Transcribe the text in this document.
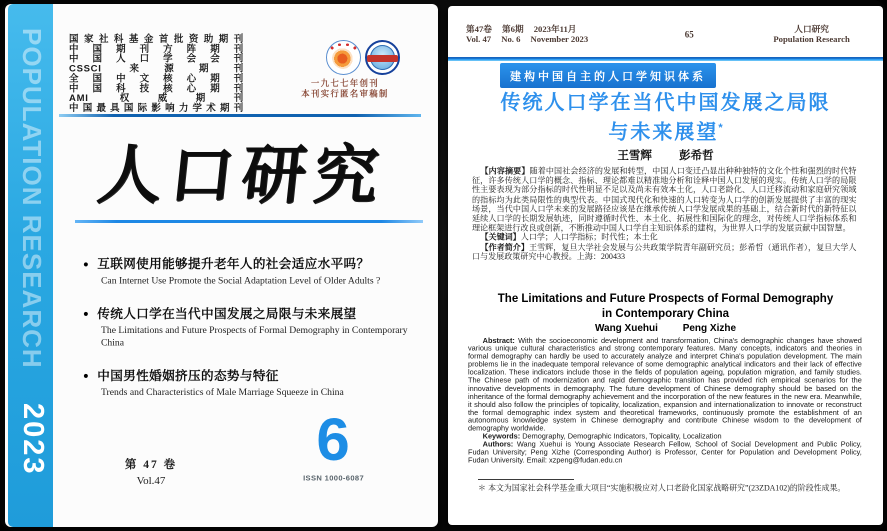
POPULATION RESEARCH
2023
国家社科基金首批资助期刊
中国期刊方阵期刊
中国人口学会会刊
CSSCI 来源期刊
全国中文核心期刊
中国科技核心期刊
AMI 权威期刊
中国最具国际影响力学术期刊
一九七七年创刊
本刊实行匿名审稿制
人口研究
● 互联网使用能够提升老年人的社会适应水平吗？
Can Internet Use Promote the Social Adaptation Level of Older Adults ?
● 传统人口学在当代中国发展之局限与未来展望
The Limitations and Future Prospects of Formal Demography in Contemporary China
● 中国男性婚姻挤压的态势与特征
Trends and Characteristics of Male Marriage Squeeze in China
第 47 卷
Vol.47
6
ISSN 1000-6087
第47卷 第6期 2023年11月
Vol. 47 No. 6 November 2023	65
人口研究
Population Research
建构中国自主的人口学知识体系
传统人口学在当代中国发展之局限
与未来展望*
王雪辉 彭希哲

【内容摘要】随着中国社会经济的发展和转型，中国人口变迁凸显出种种独特的文化个性和强烈的时代特征，许多传统人口学的概念、指标、理论都难以精准地分析和诠释中国人口发展的现实。传统人口学的局限性主要表现为部分指标的时代性明显不足以及尚未有效本土化，人口老龄化、人口迁移流动和家庭研究领域的指标均为此类局限性的典型代表。中国式现代化和快速的人口转变为人口学的创新发展提供了丰富的现实场景，当代中国人口学未来的发展路径应该是在继承传统人口学发展成果的基础上，结合新时代的新特征以延续人口学的长期发展轨迹，同时遵循时代性、本土化、拓展性和国际化的理念，对传统人口学指标体系和理论框架进行改良或创新，不断推动中国人口学自主知识体系的建构，为世界人口学的发展贡献中国智慧。

【关键词】人口学；人口学指标；时代性；本土化

【作者简介】王雪辉，复旦大学社会发展与公共政策学院青年副研究员；彭希哲（通讯作者），复旦大学人口与发展政策研究中心教授。上海：200433

The Limitations and Future Prospects of Formal Demography
in Contemporary China
Wang Xuehui Peng Xizhe

Abstract: With the socioeconomic development and transformation, China's demographic changes have showed various unique cultural characteristics and strong contemporary features. Many concepts, indicators and theories in formal demography can hardly be used to accurately analyze and interpret China's population development. The main problems lie in the inadequate temporal relevance of some demographic analytical indicators and their lack of effective localization. These indicators include those in the fields of population ageing, population migration, and family studies. The Chinese path of modernization and rapid demographic transition has provided rich empirical scenarios for the innovative developments in demography. The future development of Chinese demography should be based on the inheritance of the formal demography achievement and the incorporation of the new features in the new era. Meanwhile, it should also follow the principles of topicality, localization, expansion and internationalization to innovate or reconstruct the formal demographic index system and theoretical frameworks, continuously promote the establishment of an autonomous knowledge system in Chinese demography and contribute Chinese wisdom to the development of demography worldwide.

Keywords: Demography, Demographic Indicators, Topicality, Localization

Authors: Wang Xuehui is Young Associate Research Fellow, School of Social Development and Public Policy, Fudan University; Peng Xizhe (Corresponding Author) is Professor, Center for Population and Development Policy, Fudan University. Email: xzpeng@fudan.edu.cn

＊ 本文为国家社会科学基金重大项目“实施积极应对人口老龄化国家战略研究”(23ZDA102)的阶段性成果。
